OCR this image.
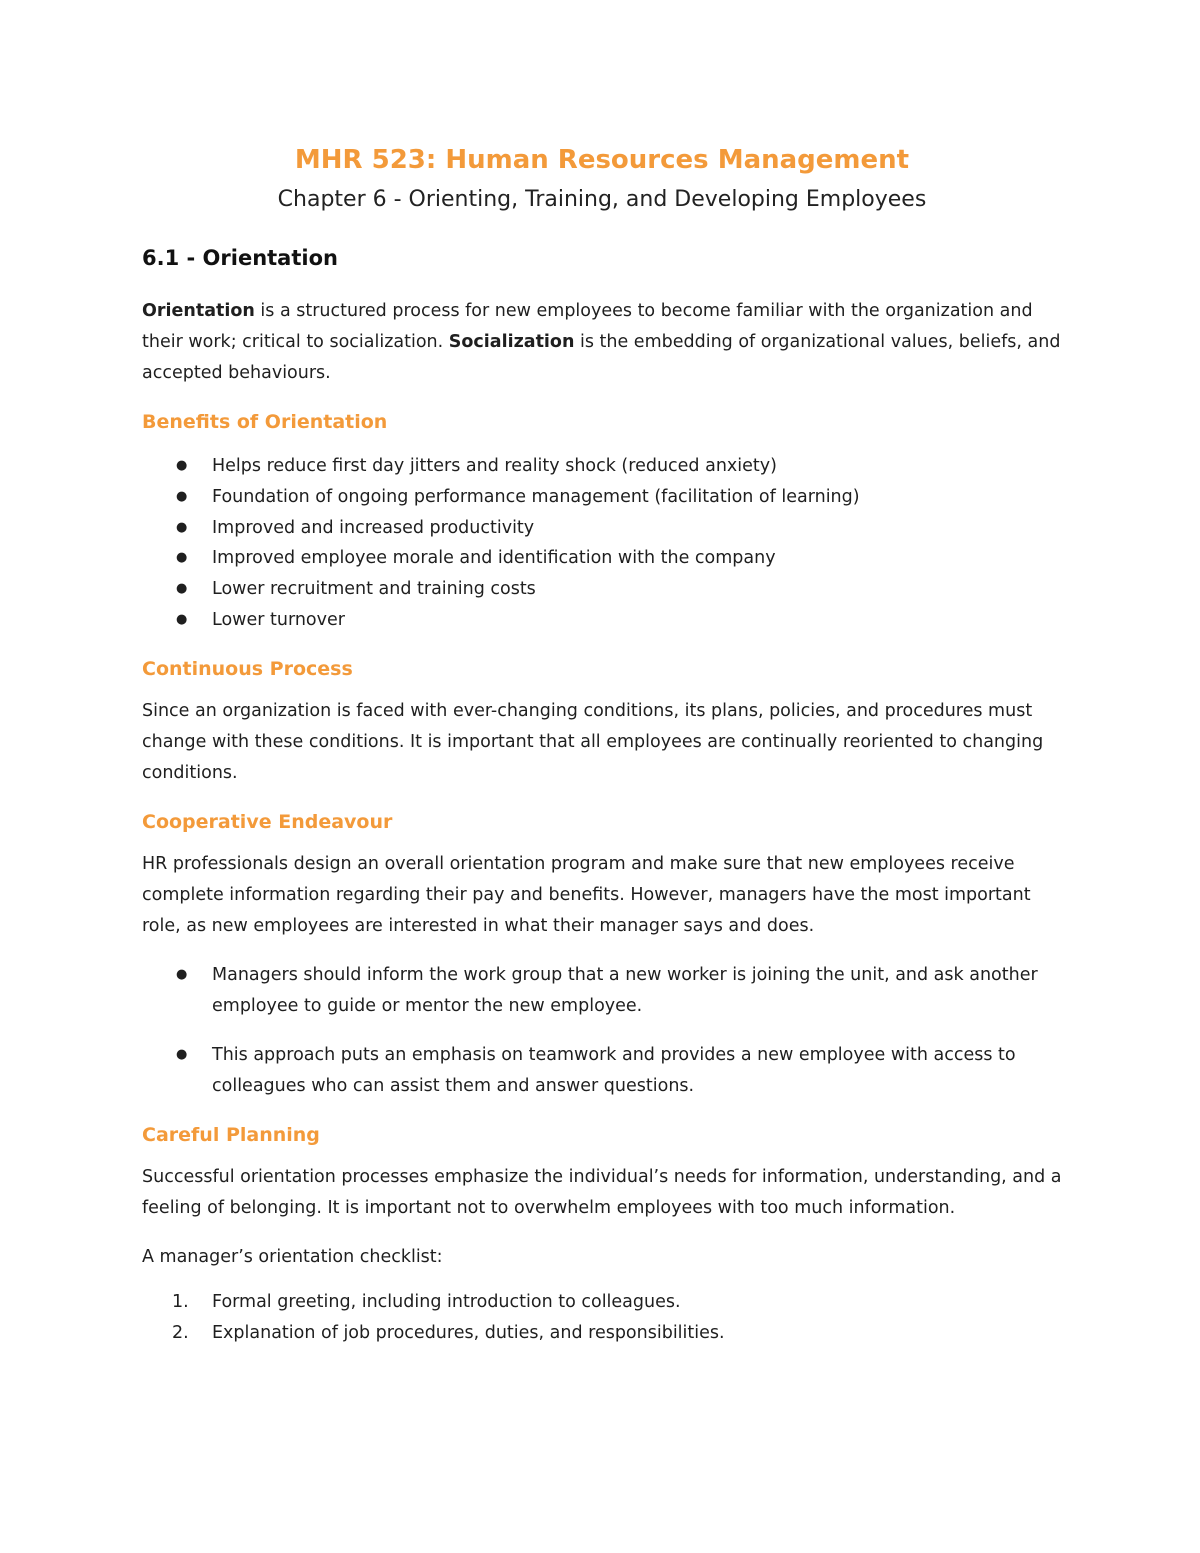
MHR 523: Human Resources Management
Chapter 6 - Orienting, Training, and Developing Employees
6.1 - Orientation

Orientation is a structured process for new employees to become familiar with the organization and their work; critical to socialization. Socialization is the embedding of organizational values, beliefs, and accepted behaviours.

Benefits of Orientation
● Helps reduce first day jitters and reality shock (reduced anxiety)
● Foundation of ongoing performance management (facilitation of learning)
● Improved and increased productivity
● Improved employee morale and identification with the company
● Lower recruitment and training costs
● Lower turnover
Continuous Process

Since an organization is faced with ever-changing conditions, its plans, policies, and procedures must change with these conditions. It is important that all employees are continually reoriented to changing conditions.

Cooperative Endeavour

HR professionals design an overall orientation program and make sure that new employees receive complete information regarding their pay and benefits. However, managers have the most important role, as new employees are interested in what their manager says and does.

● Managers should inform the work group that a new worker is joining the unit, and ask another employee to guide or mentor the new employee.
● This approach puts an emphasis on teamwork and provides a new employee with access to colleagues who can assist them and answer questions.
Careful Planning

Successful orientation processes emphasize the individual’s needs for information, understanding, and a feeling of belonging. It is important not to overwhelm employees with too much information.

A manager’s orientation checklist:

1. Formal greeting, including introduction to colleagues.
2. Explanation of job procedures, duties, and responsibilities.
